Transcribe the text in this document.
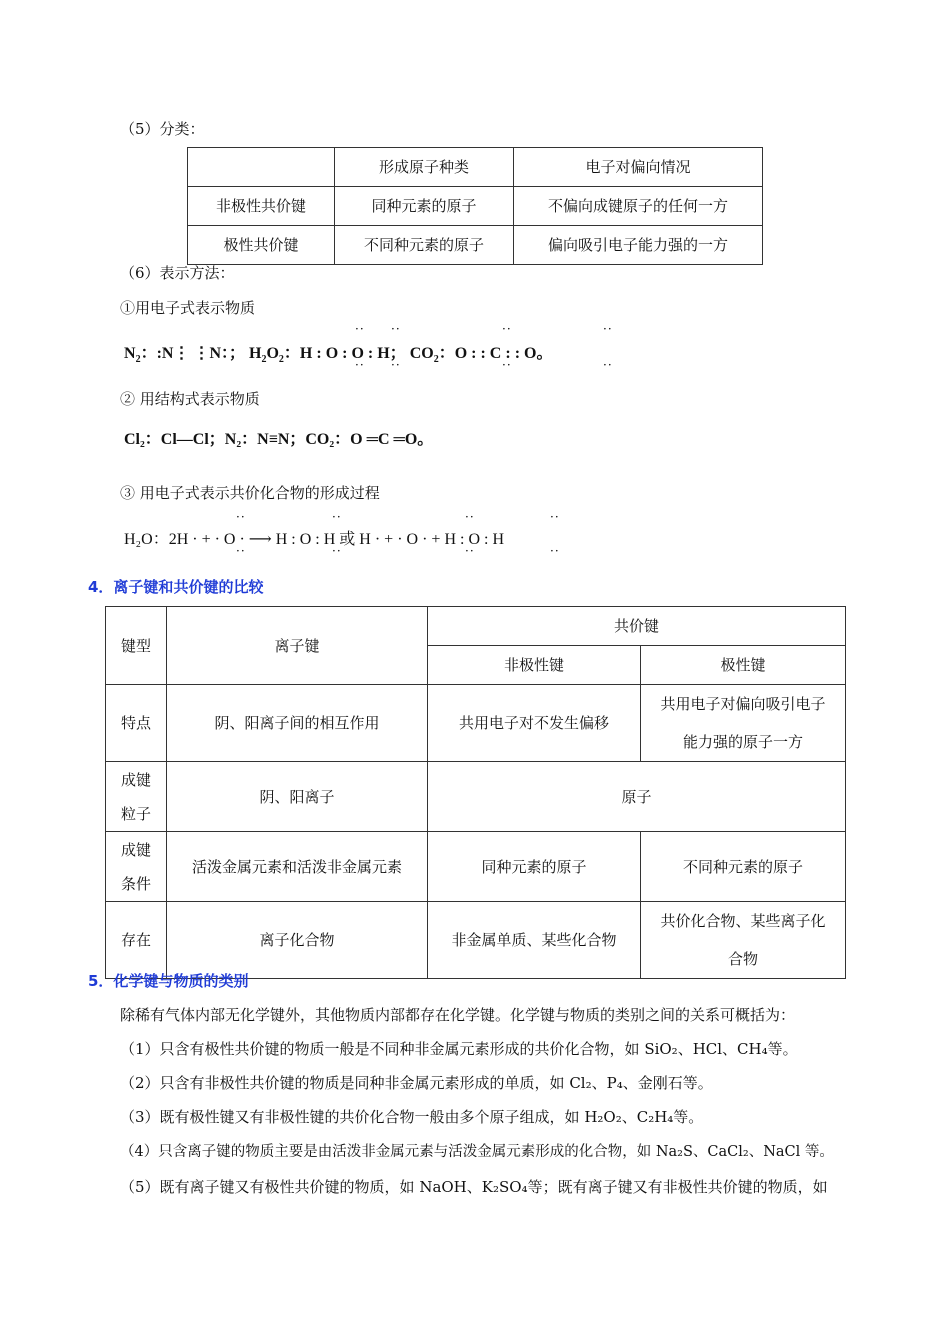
（5）分类：
	形成原子种类	电子对偏向情况
非极性共价键	同种元素的原子	不偏向成键原子的任何一方
极性共价键	不同种元素的原子	偏向吸引电子能力强的一方
（6）表示方法：
①用电子式表示物质
$N_2$：:N⋮ ⋮N：； $H_2O_2$：H : O : O : H； $CO_2$：O : : C : : O。
··
··
··
··
··
··
··
··
② 用结构式表示物质
Cl₂：Cl—Cl；N₂：N≡N；CO₂：O ═C ═O。
③ 用电子式表示共价化合物的形成过程
H₂O：2H · + · O · ⟶ H : O : H 或 H · + · O · + H : O : H
··
··
··
··
··
··
··
··
4．离子键和共价键的比较
键型	离子键	共价键	
		非极性键	极性键
特点	阴、阳离子间的相互作用	共用电子对不发生偏移	共用电子对偏向吸引电子
能力强的原子一方

成键
粒子	阴、阳离子	原子	

成键
条件	活泼金属元素和活泼非金属元素	同种元素的原子	不同种元素的原子
存在	离子化合物	非金属单质、某些化合物	共价化合物、某些离子化
合物
5．化学键与物质的类别
除稀有气体内部无化学键外，其他物质内部都存在化学键。化学键与物质的类别之间的关系可概括为：
（1）只含有极性共价键的物质一般是不同种非金属元素形成的共价化合物，如 SiO₂、HCl、CH₄等。
（2）只含有非极性共价键的物质是同种非金属元素形成的单质，如 Cl₂、P₄、金刚石等。
（3）既有极性键又有非极性键的共价化合物一般由多个原子组成，如 H₂O₂、C₂H₄等。
（4）只含离子键的物质主要是由活泼非金属元素与活泼金属元素形成的化合物，如 Na₂S、CaCl₂、NaCl 等。
（5）既有离子键又有极性共价键的物质，如 NaOH、K₂SO₄等；既有离子键又有非极性共价键的物质，如
